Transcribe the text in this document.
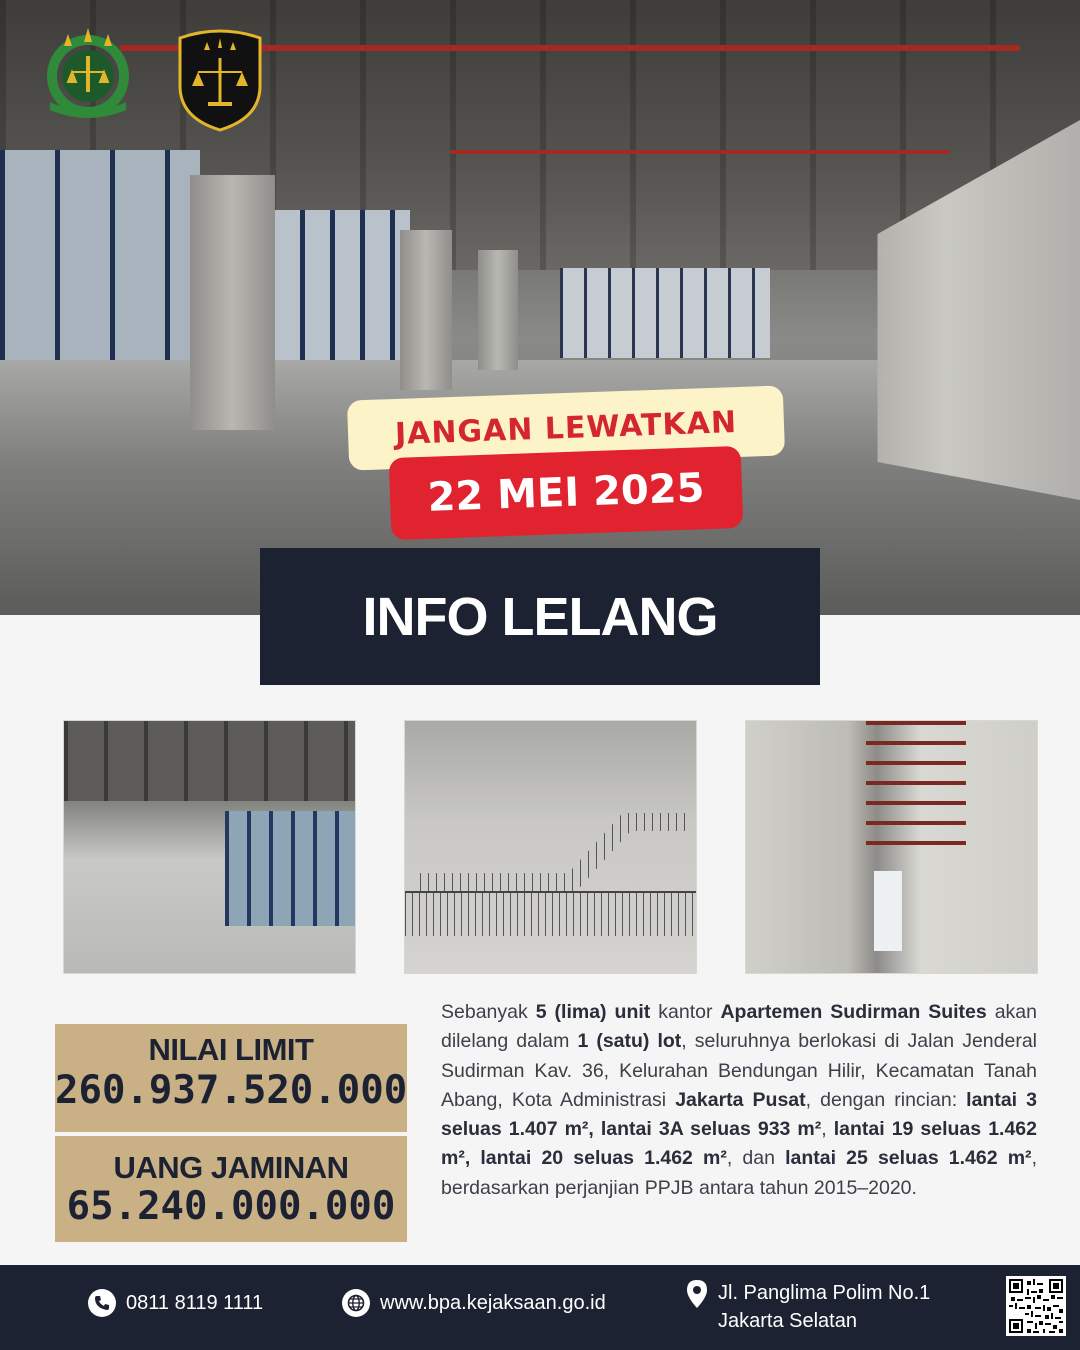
JANGAN LEWATKAN
22 MEI 2025
INFO LELANG
NILAI LIMIT
260.937.520.000
UANG JAMINAN
65.240.000.000

Sebanyak 5 (lima) unit kantor Apartemen Sudirman Suites akan dilelang dalam 1 (satu) lot, seluruhnya berlokasi di Jalan Jenderal Sudirman Kav. 36, Kelurahan Bendungan Hilir, Kecamatan Tanah Abang, Kota Administrasi Jakarta Pusat, dengan rincian: lantai 3 seluas 1.407 m², lantai 3A seluas 933 m², lantai 19 seluas 1.462 m², lantai 20 seluas 1.462 m², dan lantai 25 seluas 1.462 m², berdasarkan perjanjian PPJB antara tahun 2015–2020.

0811 8119 1111	www.bpa.kejaksaan.go.id	Jl. Panglima Polim No.1
Jakarta Selatan
